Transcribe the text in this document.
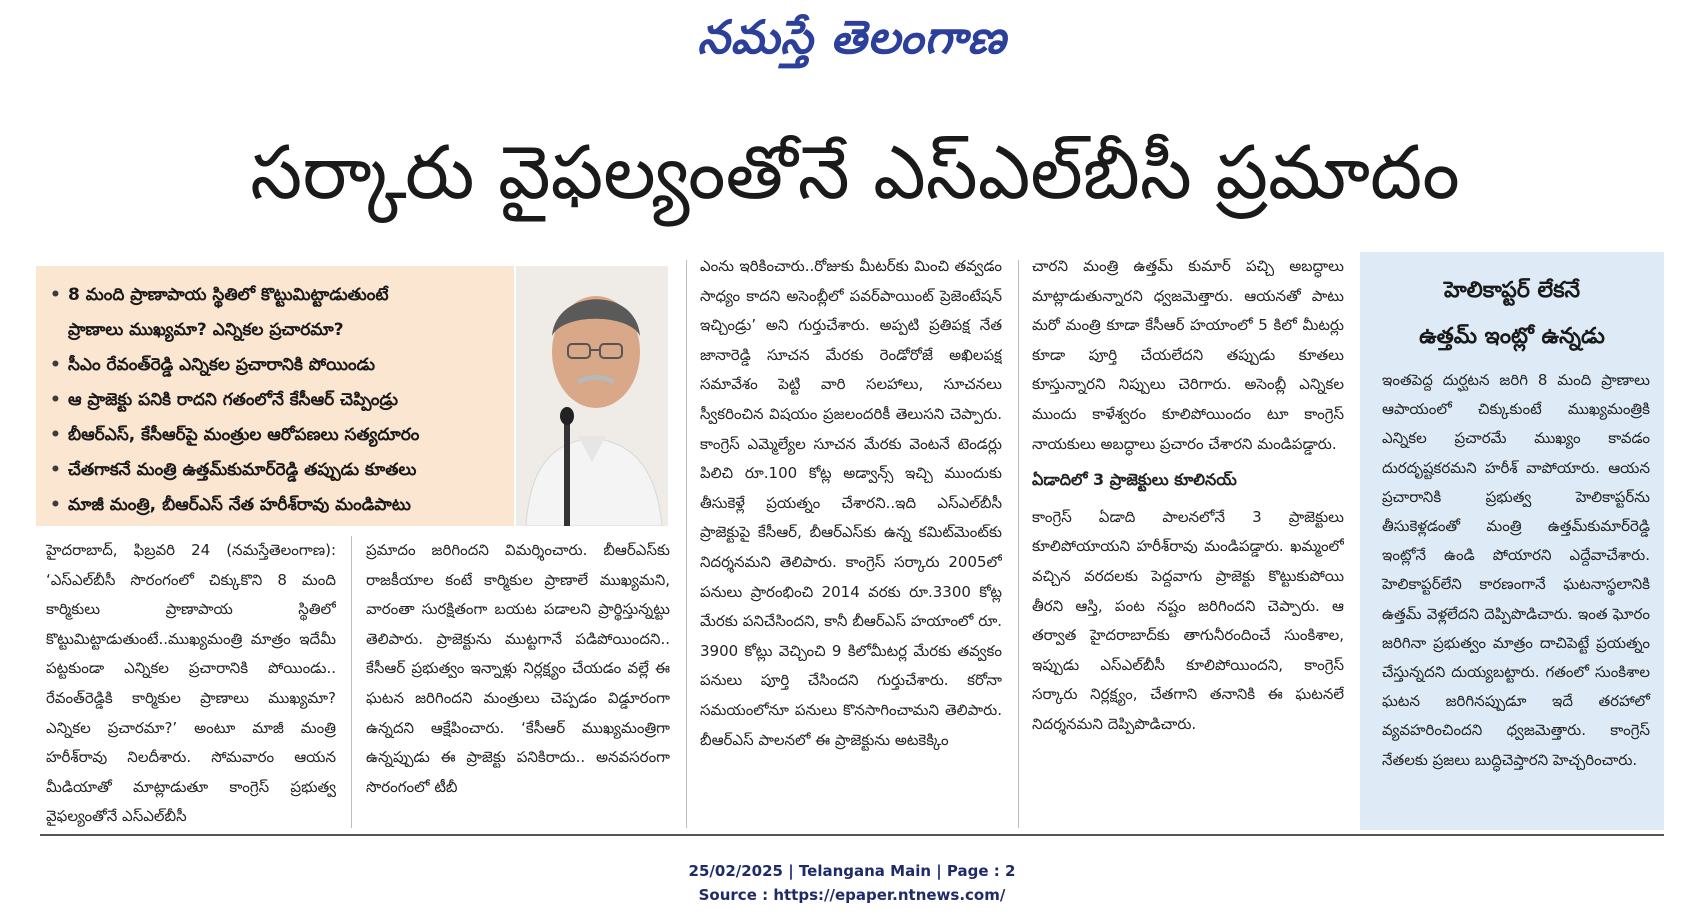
నమస్తే తెలంగాణ
సర్కారు వైఫల్యంతోనే ఎస్‌ఎల్‌బీసీ ప్రమాదం
• 8 మంది ప్రాణాపాయ స్థితిలో కొట్టుమిట్టాడుతుంటే
ప్రాణాలు ముఖ్యమా? ఎన్నికల ప్రచారమా?
• సీఎం రేవంత్‌రెడ్డి ఎన్నికల ప్రచారానికి పోయిండు
• ఆ ప్రాజెక్టు పనికి రాదని గతంలోనే కేసీఆర్ చెప్పిండ్రు
• బీఆర్‌ఎస్, కేసీఆర్‌పై మంత్రుల ఆరోపణలు సత్యదూరం
• చేతగాకనే మంత్రి ఉత్తమ్‌కుమార్‌రెడ్డి తప్పుడు కూతలు
• మాజీ మంత్రి, బీఆర్‌ఎస్ నేత హరీశ్‌రావు మండిపాటు

హైదరాబాద్, ఫిబ్రవరి 24 (నమస్తేతెలంగాణ): ‘ఎస్‌ఎల్‌బీసీ సొరంగంలో చిక్కుకొని 8 మంది కార్మికులు ప్రాణాపాయ స్థితిలో కొట్టుమిట్టాడుతుంటే..ముఖ్యమంత్రి మాత్రం ఇదేమీ పట్టకుండా ఎన్నికల ప్రచారానికి పోయిండు.. రేవంత్‌రెడ్డికి కార్మికుల ప్రాణాలు ముఖ్యమా? ఎన్నికల ప్రచారమా?’ అంటూ మాజీ మంత్రి హరీశ్‌రావు నిలదీశారు. సోమవారం ఆయన మీడియాతో మాట్లాడుతూ కాంగ్రెస్ ప్రభుత్వ వైఫల్యంతోనే ఎస్‌ఎల్‌బీసీ

ప్రమాదం జరిగిందని విమర్శించారు. బీఆర్‌ఎస్‌కు రాజకీయాల కంటే కార్మికుల ప్రాణాలే ముఖ్యమని, వారంతా సురక్షితంగా బయట పడాలని ప్రార్థిస్తున్నట్టు తెలిపారు. ప్రాజెక్టును ముట్టగానే పడిపోయిందని.. కేసీఆర్ ప్రభుత్వం ఇన్నాళ్లు నిర్లక్ష్యం చేయడం వల్లే ఈ ఘటన జరిగిందని మంత్రులు చెప్పడం విడ్డూరంగా ఉన్నదని ఆక్షేపించారు. ‘కేసీఆర్ ముఖ్యమంత్రిగా ఉన్నప్పుడు ఈ ప్రాజెక్టు పనికిరాదు.. అనవసరంగా సొరంగంలో టీబీ

ఎంను ఇరికించారు..రోజుకు మీటర్‌కు మించి తవ్వడం సాధ్యం కాదని అసెంబ్లీలో పవర్‌పాయింట్ ప్రెజెంటేషన్ ఇచ్చిండ్రు’ అని గుర్తుచేశారు. అప్పటి ప్రతిపక్ష నేత జానారెడ్డి సూచన మేరకు రెండోరోజే అఖిలపక్ష సమావేశం పెట్టి వారి సలహాలు, సూచనలు స్వీకరించిన విషయం ప్రజలందరికీ తెలుసని చెప్పారు. కాంగ్రెస్ ఎమ్మెల్యేల సూచన మేరకు వెంటనే టెండర్లు పిలిచి రూ.100 కోట్ల అడ్వాన్స్ ఇచ్చి ముందుకు తీసుకెళ్లే ప్రయత్నం చేశారని..ఇది ఎస్‌ఎల్‌బీసీ ప్రాజెక్టుపై కేసీఆర్, బీఆర్‌ఎస్‌కు ఉన్న కమిట్‌మెంట్‌కు నిదర్శనమని తెలిపారు. కాంగ్రెస్ సర్కారు 2005లో పనులు ప్రారంభించి 2014 వరకు రూ.3300 కోట్ల మేరకు పనిచేసిందని, కానీ బీఆర్‌ఎస్ హయాంలో రూ. 3900 కోట్లు వెచ్చించి 9 కిలోమీటర్ల మేరకు తవ్వకం పనులు పూర్తి చేసిందని గుర్తుచేశారు. కరోనా సమయంలోనూ పనులు కొనసాగించామని తెలిపారు. బీఆర్‌ఎస్ పాలనలో ఈ ప్రాజెక్టును అటకెక్కిం

చారని మంత్రి ఉత్తమ్ కుమార్ పచ్చి అబద్ధాలు మాట్లాడుతున్నారని ధ్వజమెత్తారు. ఆయనతో పాటు మరో మంత్రి కూడా కేసీఆర్ హయాంలో 5 కిలో మీటర్లు కూడా పూర్తి చేయలేదని తప్పుడు కూతలు కూస్తున్నారని నిప్పులు చెరిగారు. అసెంబ్లీ ఎన్నికల ముందు కాళేశ్వరం కూలిపోయిందం టూ కాంగ్రెస్ నాయకులు అబద్ధాలు ప్రచారం చేశారని మండిపడ్డారు.

ఏడాదిలో 3 ప్రాజెక్టులు కూలినయ్

కాంగ్రెస్ ఏడాది పాలనలోనే 3 ప్రాజెక్టులు కూలిపోయాయని హరీశ్‌రావు మండిపడ్డారు. ఖమ్మంలో వచ్చిన వరదలకు పెద్దవాగు ప్రాజెక్టు కొట్టుకుపోయి తీరని ఆస్తి, పంట నష్టం జరిగిందని చెప్పారు. ఆ తర్వాత హైదరాబాద్‌కు తాగునీరందించే సుంకిశాల, ఇప్పుడు ఎస్‌ఎల్‌బీసీ కూలిపోయిందని, కాంగ్రెస్ సర్కారు నిర్లక్ష్యం, చేతగాని తనానికి ఈ ఘటనలే నిదర్శనమని దెప్పిపొడిచారు.

హెలికాప్టర్ లేకనే
ఉత్తమ్ ఇంట్లో ఉన్నడు
ఇంతపెద్ద దుర్ఘటన జరిగి 8 మంది ప్రాణాలు ఆపాయంలో చిక్కుకుంటే ముఖ్యమంత్రికి ఎన్నికల ప్రచారమే ముఖ్యం కావడం దురదృష్టకరమని హరీశ్ వాపోయారు. ఆయన ప్రచారానికి ప్రభుత్వ హెలికాప్టర్‌ను తీసుకెళ్లడంతో మంత్రి ఉత్తమ్‌కుమార్‌రెడ్డి ఇంట్లోనే ఉండి పోయారని ఎద్దేవాచేశారు. హెలికాప్టర్‌లేని కారణంగానే ఘటనాస్థలానికి ఉత్తమ్ వెళ్లలేదని దెప్పిపొడిచారు. ఇంత ఘోరం జరిగినా ప్రభుత్వం మాత్రం దాచిపెట్టే ప్రయత్నం చేస్తున్నదని దుయ్యబట్టారు. గతంలో సుంకిశాల ఘటన జరిగినప్పుడూ ఇదే తరహాలో వ్యవహరించిందని ధ్వజమెత్తారు. కాంగ్రెస్ నేతలకు ప్రజలు బుద్ధిచెప్తారని హెచ్చరించారు.
25/02/2025 | Telangana Main | Page : 2
Source : https://epaper.ntnews.com/
